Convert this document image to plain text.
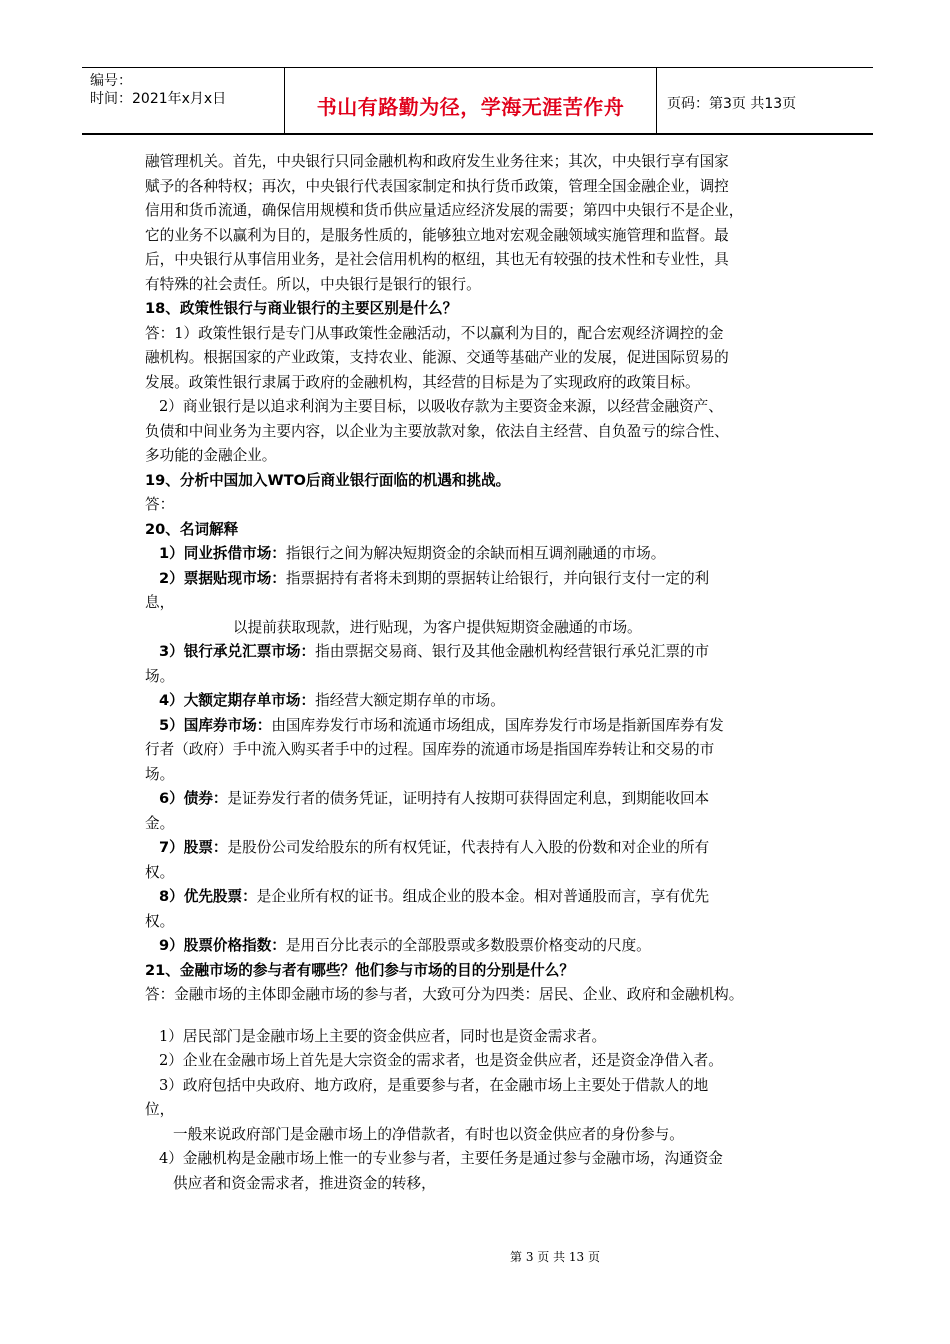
编号：
时间：2021年x月x日	书山有路勤为径，学海无涯苦作舟	页码：第3页 共13页
融管理机关。首先，中央银行只同金融机构和政府发生业务往来；其次，中央银行享有国家
赋予的各种特权；再次，中央银行代表国家制定和执行货币政策，管理全国金融企业，调控
信用和货币流通，确保信用规模和货币供应量适应经济发展的需要；第四中央银行不是企业，
它的业务不以赢利为目的，是服务性质的，能够独立地对宏观金融领域实施管理和监督。最
后，中央银行从事信用业务，是社会信用机构的枢纽，其也无有较强的技术性和专业性，具
有特殊的社会责任。所以，中央银行是银行的银行。
18、政策性银行与商业银行的主要区别是什么？
答：1）政策性银行是专门从事政策性金融活动，不以赢利为目的，配合宏观经济调控的金
融机构。根据国家的产业政策，支持农业、能源、交通等基础产业的发展，促进国际贸易的
发展。政策性银行隶属于政府的金融机构，其经营的目标是为了实现政府的政策目标。
2）商业银行是以追求利润为主要目标，以吸收存款为主要资金来源，以经营金融资产、
负债和中间业务为主要内容，以企业为主要放款对象，依法自主经营、自负盈亏的综合性、
多功能的金融企业。
19、分析中国加入WTO后商业银行面临的机遇和挑战。
答：
20、名词解释
1）同业拆借市场：指银行之间为解决短期资金的余缺而相互调剂融通的市场。
2）票据贴现市场：指票据持有者将未到期的票据转让给银行，并向银行支付一定的利
息，
以提前获取现款，进行贴现，为客户提供短期资金融通的市场。
3）银行承兑汇票市场：指由票据交易商、银行及其他金融机构经营银行承兑汇票的市
场。
4）大额定期存单市场：指经营大额定期存单的市场。
5）国库券市场：由国库券发行市场和流通市场组成，国库券发行市场是指新国库券有发
行者（政府）手中流入购买者手中的过程。国库券的流通市场是指国库券转让和交易的市
场。
6）债券：是证券发行者的债务凭证，证明持有人按期可获得固定利息，到期能收回本
金。
7）股票：是股份公司发给股东的所有权凭证，代表持有人入股的份数和对企业的所有
权。
8）优先股票：是企业所有权的证书。组成企业的股本金。相对普通股而言，享有优先
权。
9）股票价格指数：是用百分比表示的全部股票或多数股票价格变动的尺度。
21、金融市场的参与者有哪些？他们参与市场的目的分别是什么？
答：金融市场的主体即金融市场的参与者，大致可分为四类：居民、企业、政府和金融机构。
1）居民部门是金融市场上主要的资金供应者，同时也是资金需求者。
2）企业在金融市场上首先是大宗资金的需求者，也是资金供应者，还是资金净借入者。
3）政府包括中央政府、地方政府，是重要参与者，在金融市场上主要处于借款人的地
位，
一般来说政府部门是金融市场上的净借款者，有时也以资金供应者的身份参与。
4）金融机构是金融市场上惟一的专业参与者，主要任务是通过参与金融市场，沟通资金
供应者和资金需求者，推进资金的转移，
第 3 页 共 13 页
